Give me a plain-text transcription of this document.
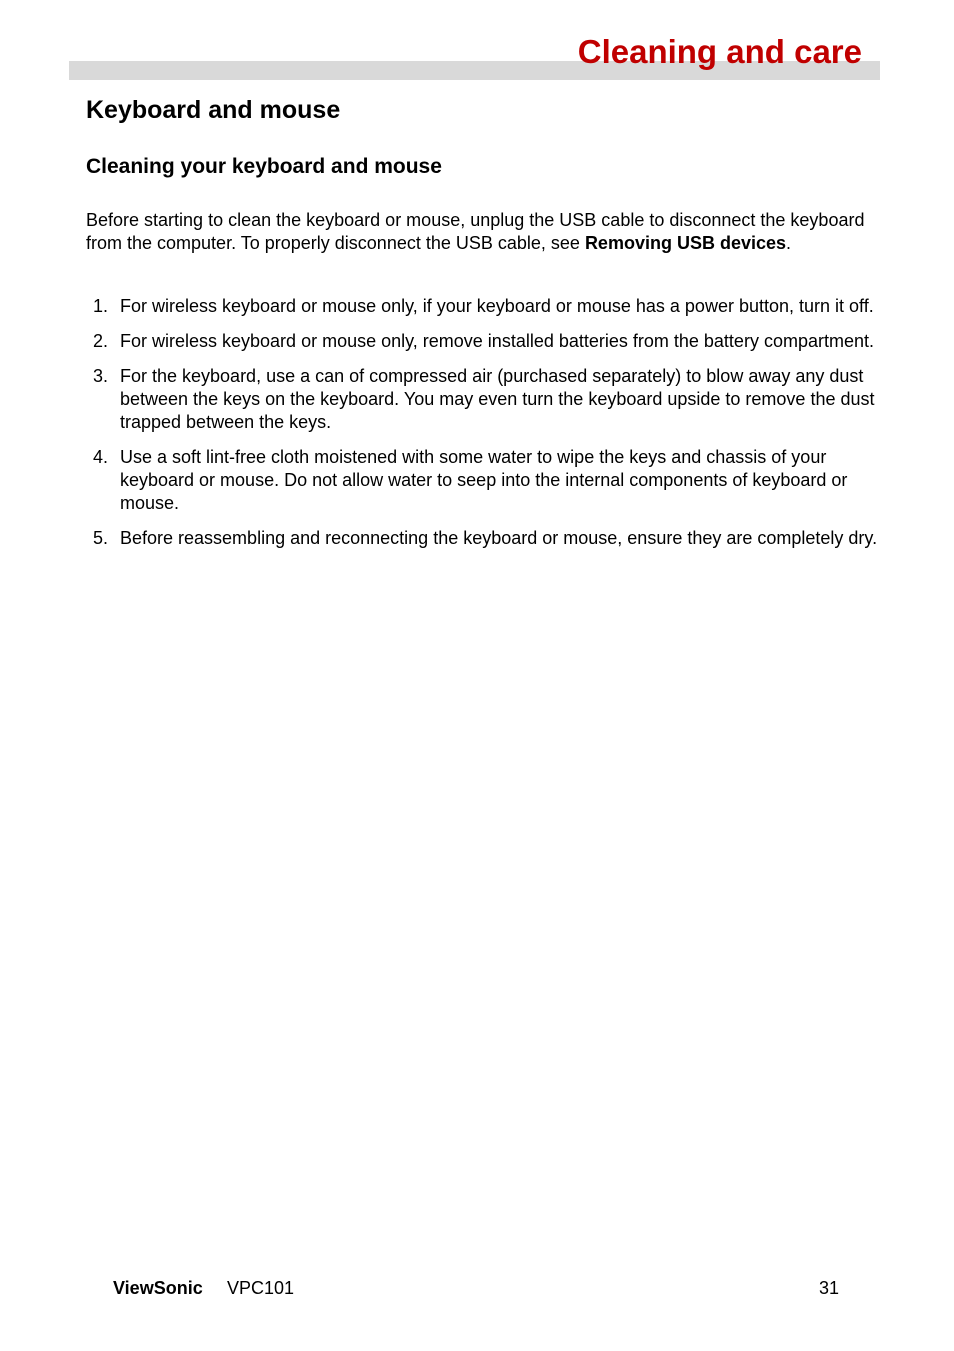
Cleaning and care
Keyboard and mouse
Cleaning your keyboard and mouse

Before starting to clean the keyboard or mouse, unplug the USB cable to disconnect the keyboard from the computer. To properly disconnect the USB cable, see Removing USB devices.

1. For wireless keyboard or mouse only, if your keyboard or mouse has a power button, turn it off.
2. For wireless keyboard or mouse only, remove installed batteries from the battery compartment.
3. For the keyboard, use a can of compressed air (purchased separately) to blow away any dust between the keys on the keyboard. You may even turn the keyboard upside to remove the dust trapped between the keys.
4. Use a soft lint-free cloth moistened with some water to wipe the keys and chassis of your keyboard or mouse. Do not allow water to seep into the internal components of keyboard or mouse.
5. Before reassembling and reconnecting the keyboard or mouse, ensure they are completely dry.
ViewSonic VPC101	31
